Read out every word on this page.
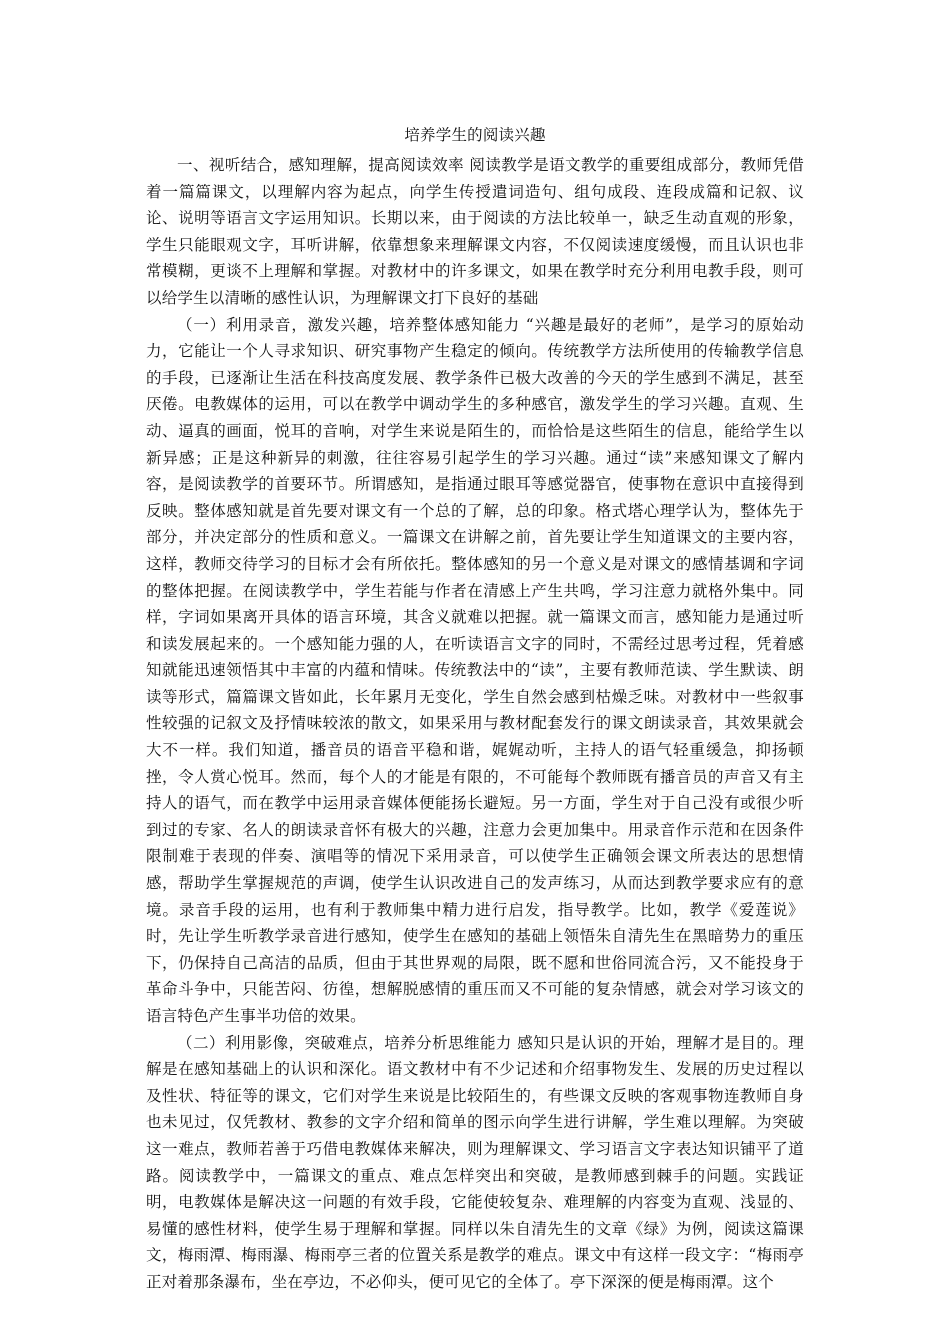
培养学生的阅读兴趣

一、视听结合，感知理解，提高阅读效率 阅读教学是语文教学的重要组成部分，教师凭借着一篇篇课文，以理解内容为起点，向学生传授遣词造句、组句成段、连段成篇和记叙、议论、说明等语言文字运用知识。长期以来，由于阅读的方法比较单一，缺乏生动直观的形象，学生只能眼观文字，耳听讲解，依靠想象来理解课文内容，不仅阅读速度缓慢，而且认识也非常模糊，更谈不上理解和掌握。对教材中的许多课文，如果在教学时充分利用电教手段，则可以给学生以清晰的感性认识，为理解课文打下良好的基础

（一）利用录音，激发兴趣，培养整体感知能力 “兴趣是最好的老师”，是学习的原始动力，它能让一个人寻求知识、研究事物产生稳定的倾向。传统教学方法所使用的传输教学信息的手段，已逐渐让生活在科技高度发展、教学条件已极大改善的今天的学生感到不满足，甚至厌倦。电教媒体的运用，可以在教学中调动学生的多种感官，激发学生的学习兴趣。直观、生动、逼真的画面，悦耳的音响，对学生来说是陌生的，而恰恰是这些陌生的信息，能给学生以新异感；正是这种新异的刺激，往往容易引起学生的学习兴趣。通过“读”来感知课文了解内容，是阅读教学的首要环节。所谓感知，是指通过眼耳等感觉器官，使事物在意识中直接得到反映。整体感知就是首先要对课文有一个总的了解，总的印象。格式塔心理学认为，整体先于部分，并决定部分的性质和意义。一篇课文在讲解之前，首先要让学生知道课文的主要内容，这样，教师交待学习的目标才会有所依托。整体感知的另一个意义是对课文的感情基调和字词的整体把握。在阅读教学中，学生若能与作者在清感上产生共鸣，学习注意力就格外集中。同样，字词如果离开具体的语言环境，其含义就难以把握。就一篇课文而言，感知能力是通过听和读发展起来的。一个感知能力强的人，在听读语言文字的同时，不需经过思考过程，凭着感知就能迅速领悟其中丰富的内蕴和情味。传统教法中的“读”，主要有教师范读、学生默读、朗读等形式，篇篇课文皆如此，长年累月无变化，学生自然会感到枯燥乏味。对教材中一些叙事性较强的记叙文及抒情味较浓的散文，如果采用与教材配套发行的课文朗读录音，其效果就会大不一样。我们知道，播音员的语音平稳和谐，娓娓动听，主持人的语气轻重缓急，抑扬顿挫，令人赏心悦耳。然而，每个人的才能是有限的，不可能每个教师既有播音员的声音又有主持人的语气，而在教学中运用录音媒体便能扬长避短。另一方面，学生对于自己没有或很少听到过的专家、名人的朗读录音怀有极大的兴趣，注意力会更加集中。用录音作示范和在因条件限制难于表现的伴奏、演唱等的情况下采用录音，可以使学生正确领会课文所表达的思想情感，帮助学生掌握规范的声调，使学生认识改进自己的发声练习，从而达到教学要求应有的意境。录音手段的运用，也有利于教师集中精力进行启发，指导教学。比如，教学《爱莲说》时，先让学生听教学录音进行感知，使学生在感知的基础上领悟朱自清先生在黑暗势力的重压下，仍保持自己高洁的品质，但由于其世界观的局限，既不愿和世俗同流合污，又不能投身于革命斗争中，只能苦闷、彷徨，想解脱感情的重压而又不可能的复杂情感，就会对学习该文的语言特色产生事半功倍的效果。

（二）利用影像，突破难点，培养分析思维能力 感知只是认识的开始，理解才是目的。理解是在感知基础上的认识和深化。语文教材中有不少记述和介绍事物发生、发展的历史过程以及性状、特征等的课文，它们对学生来说是比较陌生的，有些课文反映的客观事物连教师自身也未见过，仅凭教材、教参的文字介绍和简单的图示向学生进行讲解，学生难以理解。为突破这一难点，教师若善于巧借电教媒体来解决，则为理解课文、学习语言文字表达知识铺平了道路。阅读教学中，一篇课文的重点、难点怎样突出和突破，是教师感到棘手的问题。实践证明，电教媒体是解决这一问题的有效手段，它能使较复杂、难理解的内容变为直观、浅显的、易懂的感性材料，使学生易于理解和掌握。同样以朱自清先生的文章《绿》为例，阅读这篇课文，梅雨潭、梅雨瀑、梅雨亭三者的位置关系是教学的难点。课文中有这样一段文字：“梅雨亭正对着那条瀑布，坐在亭边，不必仰头，便可见它的全体了。亭下深深的便是梅雨潭。这个
